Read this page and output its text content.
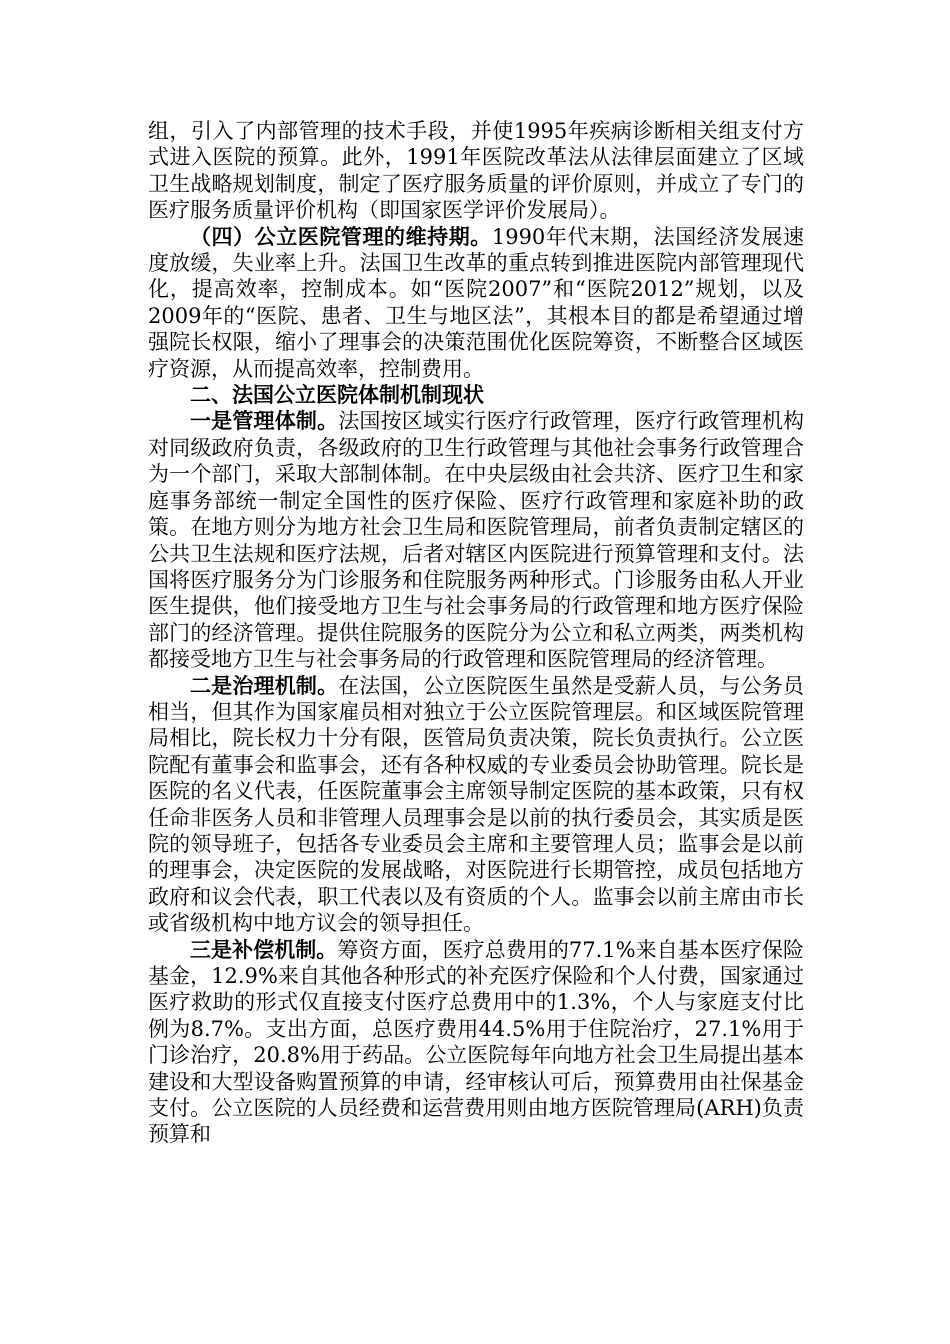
组，引入了内部管理的技术手段，并使1995年疾病诊断相关组支付方式进入医院的预算。此外，1991年医院改革法从法律层面建立了区域卫生战略规划制度，制定了医疗服务质量的评价原则，并成立了专门的医疗服务质量评价机构（即国家医学评价发展局）。

（四）公立医院管理的维持期。1990年代末期，法国经济发展速度放缓，失业率上升。法国卫生改革的重点转到推进医院内部管理现代化，提高效率，控制成本。如“医院2007”和“医院2012”规划，以及2009年的“医院、患者、卫生与地区法”，其根本目的都是希望通过增强院长权限，缩小了理事会的决策范围优化医院筹资，不断整合区域医疗资源，从而提高效率，控制费用。

二、法国公立医院体制机制现状

一是管理体制。法国按区域实行医疗行政管理，医疗行政管理机构对同级政府负责，各级政府的卫生行政管理与其他社会事务行政管理合为一个部门，采取大部制体制。在中央层级由社会共济、医疗卫生和家庭事务部统一制定全国性的医疗保险、医疗行政管理和家庭补助的政策。在地方则分为地方社会卫生局和医院管理局，前者负责制定辖区的公共卫生法规和医疗法规，后者对辖区内医院进行预算管理和支付。法国将医疗服务分为门诊服务和住院服务两种形式。门诊服务由私人开业医生提供，他们接受地方卫生与社会事务局的行政管理和地方医疗保险部门的经济管理。提供住院服务的医院分为公立和私立两类，两类机构都接受地方卫生与社会事务局的行政管理和医院管理局的经济管理。

二是治理机制。在法国，公立医院医生虽然是受薪人员，与公务员相当，但其作为国家雇员相对独立于公立医院管理层。和区域医院管理局相比，院长权力十分有限，医管局负责决策，院长负责执行。公立医院配有董事会和监事会，还有各种权威的专业委员会协助管理。院长是医院的名义代表，任医院董事会主席领导制定医院的基本政策，只有权任命非医务人员和非管理人员理事会是以前的执行委员会，其实质是医院的领导班子，包括各专业委员会主席和主要管理人员；监事会是以前的理事会，决定医院的发展战略，对医院进行长期管控，成员包括地方政府和议会代表，职工代表以及有资质的个人。监事会以前主席由市长或省级机构中地方议会的领导担任。

三是补偿机制。筹资方面，医疗总费用的77.1%来自基本医疗保险基金，12.9%来自其他各种形式的补充医疗保险和个人付费，国家通过医疗救助的形式仅直接支付医疗总费用中的1.3%，个人与家庭支付比例为8.7%。支出方面，总医疗费用44.5%用于住院治疗，27.1%用于门诊治疗，20.8%用于药品。公立医院每年向地方社会卫生局提出基本建设和大型设备购置预算的申请，经审核认可后，预算费用由社保基金支付。公立医院的人员经费和运营费用则由地方医院管理局(ARH)负责预算和
